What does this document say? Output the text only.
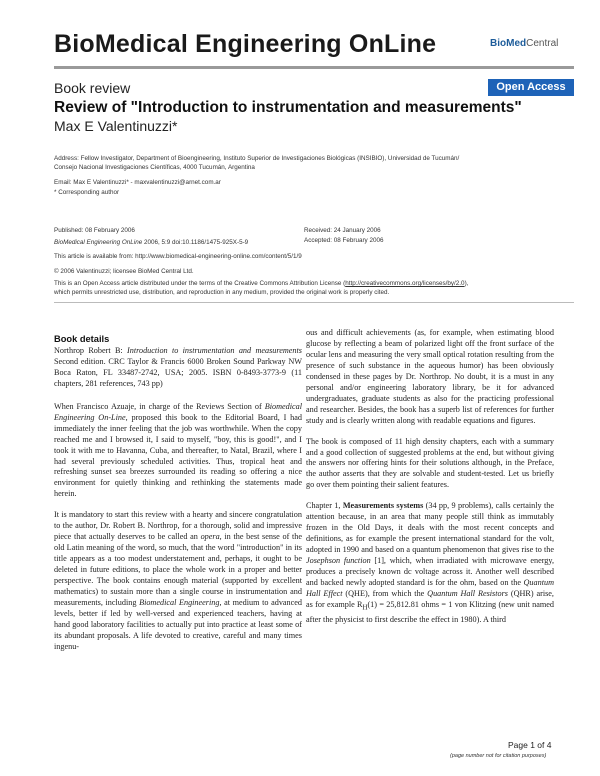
BioMedical Engineering OnLine	BioMedCentral
Book review	Open Access
Review of "Introduction to instrumentation and measurements"
Max E Valentinuzzi*
Address: Fellow Investigator, Department of Bioengineering, Instituto Superior de Investigaciones Biológicas (INSIBIO), Universidad de Tucumán/
Consejo Nacional Investigaciones Científicas, 4000 Tucumán, Argentina
Email: Max E Valentinuzzi* - maxvalentinuzzi@arnet.com.ar
* Corresponding author
Published: 08 February 2006
BioMedical Engineering OnLine 2006, 5:9 doi:10.1186/1475-925X-5-9
Received: 24 January 2006
Accepted: 08 February 2006
This article is available from: http://www.biomedical-engineering-online.com/content/5/1/9
© 2006 Valentinuzzi; licensee BioMed Central Ltd.
This is an Open Access article distributed under the terms of the Creative Commons Attribution License (http://creativecommons.org/licenses/by/2.0),
which permits unrestricted use, distribution, and reproduction in any medium, provided the original work is properly cited.
Book details

Northrop Robert B: Introduction to instrumentation and measurements Second edition. CRC Taylor & Francis 6000 Broken Sound Parkway NW Boca Raton, FL 33487-2742, USA; 2005. ISBN 0-8493-3773-9 (11 chapters, 281 references, 743 pp)

When Francisco Azuaje, in charge of the Reviews Section of Biomedical Engineering On-Line, proposed this book to the Editorial Board, I had immediately the inner feeling that the job was worthwhile. When the copy reached me and I browsed it, I said to myself, "boy, this is good!", and I took it with me to Havanna, Cuba, and thereafter, to Natal, Brazil, where I had several previously scheduled activities. Thus, tropical heat and refreshing sunset sea breezes surrounded its reading so offering a nice environment for quietly thinking and rethinking the statements made herein.

It is mandatory to start this review with a hearty and sincere congratulation to the author, Dr. Robert B. Northrop, for a thorough, solid and impressive piece that actually deserves to be called an opera, in the best sense of the old Latin meaning of the word, so much, that the word "introduction" in its title appears as a too modest understatement and, perhaps, it ought to be deleted in future editions, to place the whole work in a proper and better perspective. The book contains enough material (supported by excellent mathematics) to sustain more than a single course in instrumentation and measurements, including Biomedical Engineering, at medium to advanced levels, better if led by well-versed and experienced teachers, having at hand good laboratory facilities to actually put into practice at least some of its abundant proposals. A life devoted to creative, careful and many times ingenu-

ous and difficult achievements (as, for example, when estimating blood glucose by reflecting a beam of polarized light off the front surface of the ocular lens and measuring the very small optical rotation resulting from the presence of such substance in the aqueous humor) has been obviously condensed in these pages by Dr. Northrop. No doubt, it is a must in any personal and/or engineering laboratory library, be it for advanced undergraduates, graduate students as also for the practicing professional and researcher. Besides, the book has a superb list of references for further study and is clearly written along with readable equations and figures.

The book is composed of 11 high density chapters, each with a summary and a good collection of suggested problems at the end, but without giving the answers nor offering hints for their solutions although, in the Preface, the author asserts that they are solvable and student-tested. Let us briefly go over them pointing their salient features.

Chapter 1, Measurements systems (34 pp, 9 problems), calls certainly the attention because, in an area that many people still think as immutably frozen in the Old Days, it deals with the most recent concepts and definitions, as for example the present international standard for the volt, adopted in 1990 and based on a quantum phenomenon that gives rise to the Josephson function [1], which, when irradiated with microwave energy, produces a precisely known dc voltage across it. Another well described and backed newly adopted standard is for the ohm, based on the Quantum Hall Effect (QHE), from which the Quantum Hall Resistors (QHR) arise, as for example $R_H(1) = 25,812.81$ ohms = 1 von Klitzing (new unit named after the physicist to first describe the effect in 1980). A third

Page 1 of 4
(page number not for citation purposes)
